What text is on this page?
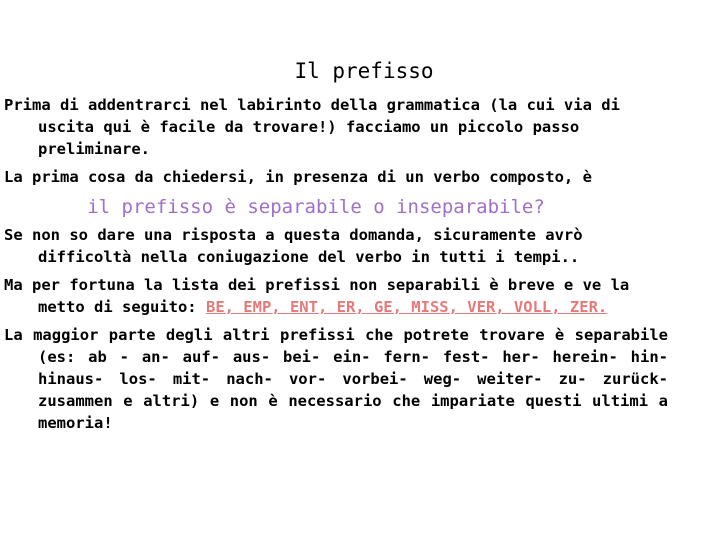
Il prefisso

Prima di addentrarci nel labirinto della grammatica (la cui via di uscita qui è facile da trovare!) facciamo un piccolo passo preliminare.

La prima cosa da chiedersi, in presenza di un verbo composto, è

il prefisso è separabile o inseparabile?

Se non so dare una risposta a questa domanda, sicuramente avrò difficoltà nella coniugazione del verbo in tutti i tempi..

Ma per fortuna la lista dei prefissi non separabili è breve e ve la metto di seguito: BE, EMP, ENT, ER, GE, MISS, VER, VOLL, ZER.

La maggior parte degli altri prefissi che potrete trovare è separabile (es: ab - an- auf- aus- bei- ein- fern- fest- her- herein- hin- hinaus- los- mit- nach- vor- vorbei- weg- weiter- zu- zurück- zusammen e altri) e non è necessario che impariate questi ultimi a memoria!
